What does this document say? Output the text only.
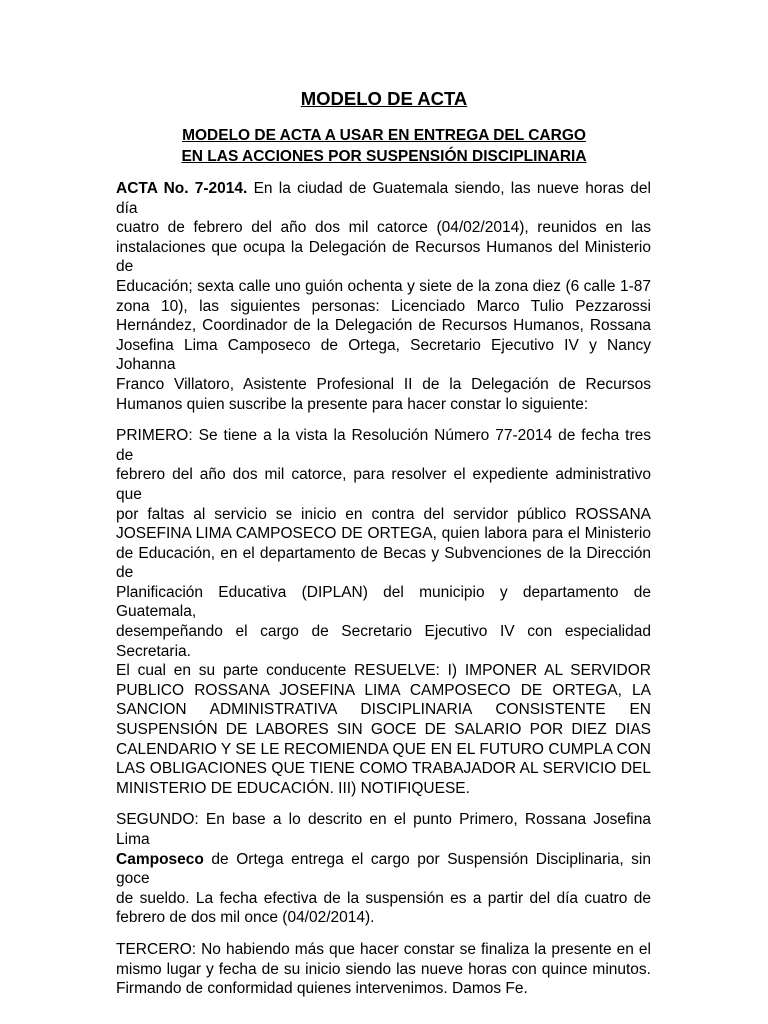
MODELO DE ACTA
MODELO DE ACTA A USAR EN ENTREGA DEL CARGO
EN LAS ACCIONES POR SUSPENSIÓN DISCIPLINARIA

ACTA No. 7-2014. En la ciudad de Guatemala siendo, las nueve horas del día
cuatro de febrero del año dos mil catorce (04/02/2014), reunidos en las
instalaciones que ocupa la Delegación de Recursos Humanos del Ministerio de
Educación; sexta calle uno guión ochenta y siete de la zona diez (6 calle 1-87
zona 10), las siguientes personas: Licenciado Marco Tulio Pezzarossi
Hernández, Coordinador de la Delegación de Recursos Humanos, Rossana
Josefina Lima Camposeco de Ortega, Secretario Ejecutivo IV y Nancy Johanna
Franco Villatoro, Asistente Profesional II de la Delegación de Recursos
Humanos quien suscribe la presente para hacer constar lo siguiente:

PRIMERO: Se tiene a la vista la Resolución Número 77-2014 de fecha tres de
febrero del año dos mil catorce, para resolver el expediente administrativo que
por faltas al servicio se inicio en contra del servidor público ROSSANA
JOSEFINA LIMA CAMPOSECO DE ORTEGA, quien labora para el Ministerio
de Educación, en el departamento de Becas y Subvenciones de la Dirección de
Planificación Educativa (DIPLAN) del municipio y departamento de Guatemala,
desempeñando el cargo de Secretario Ejecutivo IV con especialidad Secretaria.
El cual en su parte conducente RESUELVE: I) IMPONER AL SERVIDOR
PUBLICO ROSSANA JOSEFINA LIMA CAMPOSECO DE ORTEGA, LA
SANCION ADMINISTRATIVA DISCIPLINARIA CONSISTENTE EN
SUSPENSIÓN DE LABORES SIN GOCE DE SALARIO POR DIEZ DIAS
CALENDARIO Y SE LE RECOMIENDA QUE EN EL FUTURO CUMPLA CON
LAS OBLIGACIONES QUE TIENE COMO TRABAJADOR AL SERVICIO DEL
MINISTERIO DE EDUCACIÓN. III) NOTIFIQUESE.

SEGUNDO: En base a lo descrito en el punto Primero, Rossana Josefina Lima
Camposeco de Ortega entrega el cargo por Suspensión Disciplinaria, sin goce
de sueldo. La fecha efectiva de la suspensión es a partir del día cuatro de
febrero de dos mil once (04/02/2014).

TERCERO: No habiendo más que hacer constar se finaliza la presente en el
mismo lugar y fecha de su inicio siendo las nueve horas con quince minutos.
Firmando de conformidad quienes intervenimos. Damos Fe.
